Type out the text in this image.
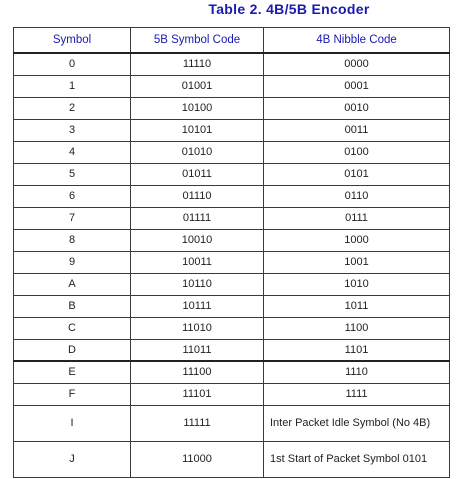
Table 2. 4B/5B Encoder
Symbol	5B Symbol Code	4B Nibble Code
0	11110	0000
1	01001	0001
2	10100	0010
3	10101	0011
4	01010	0100
5	01011	0101
6	01110	0110
7	01111	0111
8	10010	1000
9	10011	1001
A	10110	1010
B	10111	1011
C	11010	1100
D	11011	1101
E	11100	1110
F	11101	1111
I	11111	Inter Packet Idle Symbol (No 4B)
J	11000	1st Start of Packet Symbol 0101
